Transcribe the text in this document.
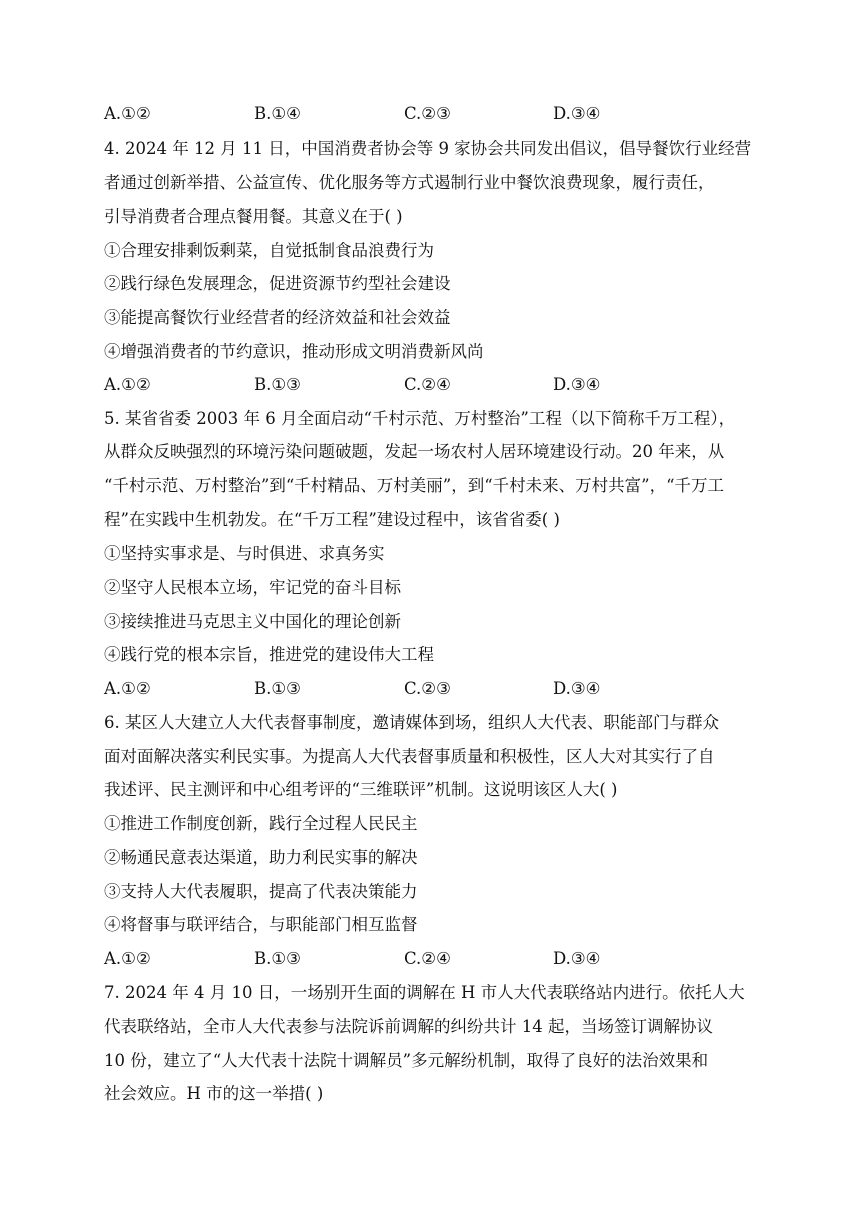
A.①②	B.①④	C.②③	D.③④
4. 2024 年 12 月 11 日，中国消费者协会等 9 家协会共同发出倡议，倡导餐饮行业经营
者通过创新举措、公益宣传、优化服务等方式遏制行业中餐饮浪费现象，履行责任，
引导消费者合理点餐用餐。其意义在于( )
①合理安排剩饭剩菜，自觉抵制食品浪费行为
②践行绿色发展理念，促进资源节约型社会建设
③能提高餐饮行业经营者的经济效益和社会效益
④增强消费者的节约意识，推动形成文明消费新风尚
A.①②	B.①③	C.②④	D.③④
5. 某省省委 2003 年 6 月全面启动“千村示范、万村整治”工程（以下简称千万工程），
从群众反映强烈的环境污染问题破题，发起一场农村人居环境建设行动。20 年来，从
“千村示范、万村整治”到“千村精品、万村美丽”，到“千村未来、万村共富”，“千万工
程”在实践中生机勃发。在“千万工程”建设过程中，该省省委( )
①坚持实事求是、与时俱进、求真务实
②坚守人民根本立场，牢记党的奋斗目标
③接续推进马克思主义中国化的理论创新
④践行党的根本宗旨，推进党的建设伟大工程
A.①②	B.①③	C.②③	D.③④
6. 某区人大建立人大代表督事制度，邀请媒体到场，组织人大代表、职能部门与群众
面对面解决落实利民实事。为提高人大代表督事质量和积极性，区人大对其实行了自
我述评、民主测评和中心组考评的“三维联评”机制。这说明该区人大( )
①推进工作制度创新，践行全过程人民民主
②畅通民意表达渠道，助力利民实事的解决
③支持人大代表履职，提高了代表决策能力
④将督事与联评结合，与职能部门相互监督
A.①②	B.①③	C.②④	D.③④
7. 2024 年 4 月 10 日，一场别开生面的调解在 H 市人大代表联络站内进行。依托人大
代表联络站，全市人大代表参与法院诉前调解的纠纷共计 14 起，当场签订调解协议
10 份，建立了“人大代表十法院十调解员”多元解纷机制，取得了良好的法治效果和
社会效应。H 市的这一举措( )
